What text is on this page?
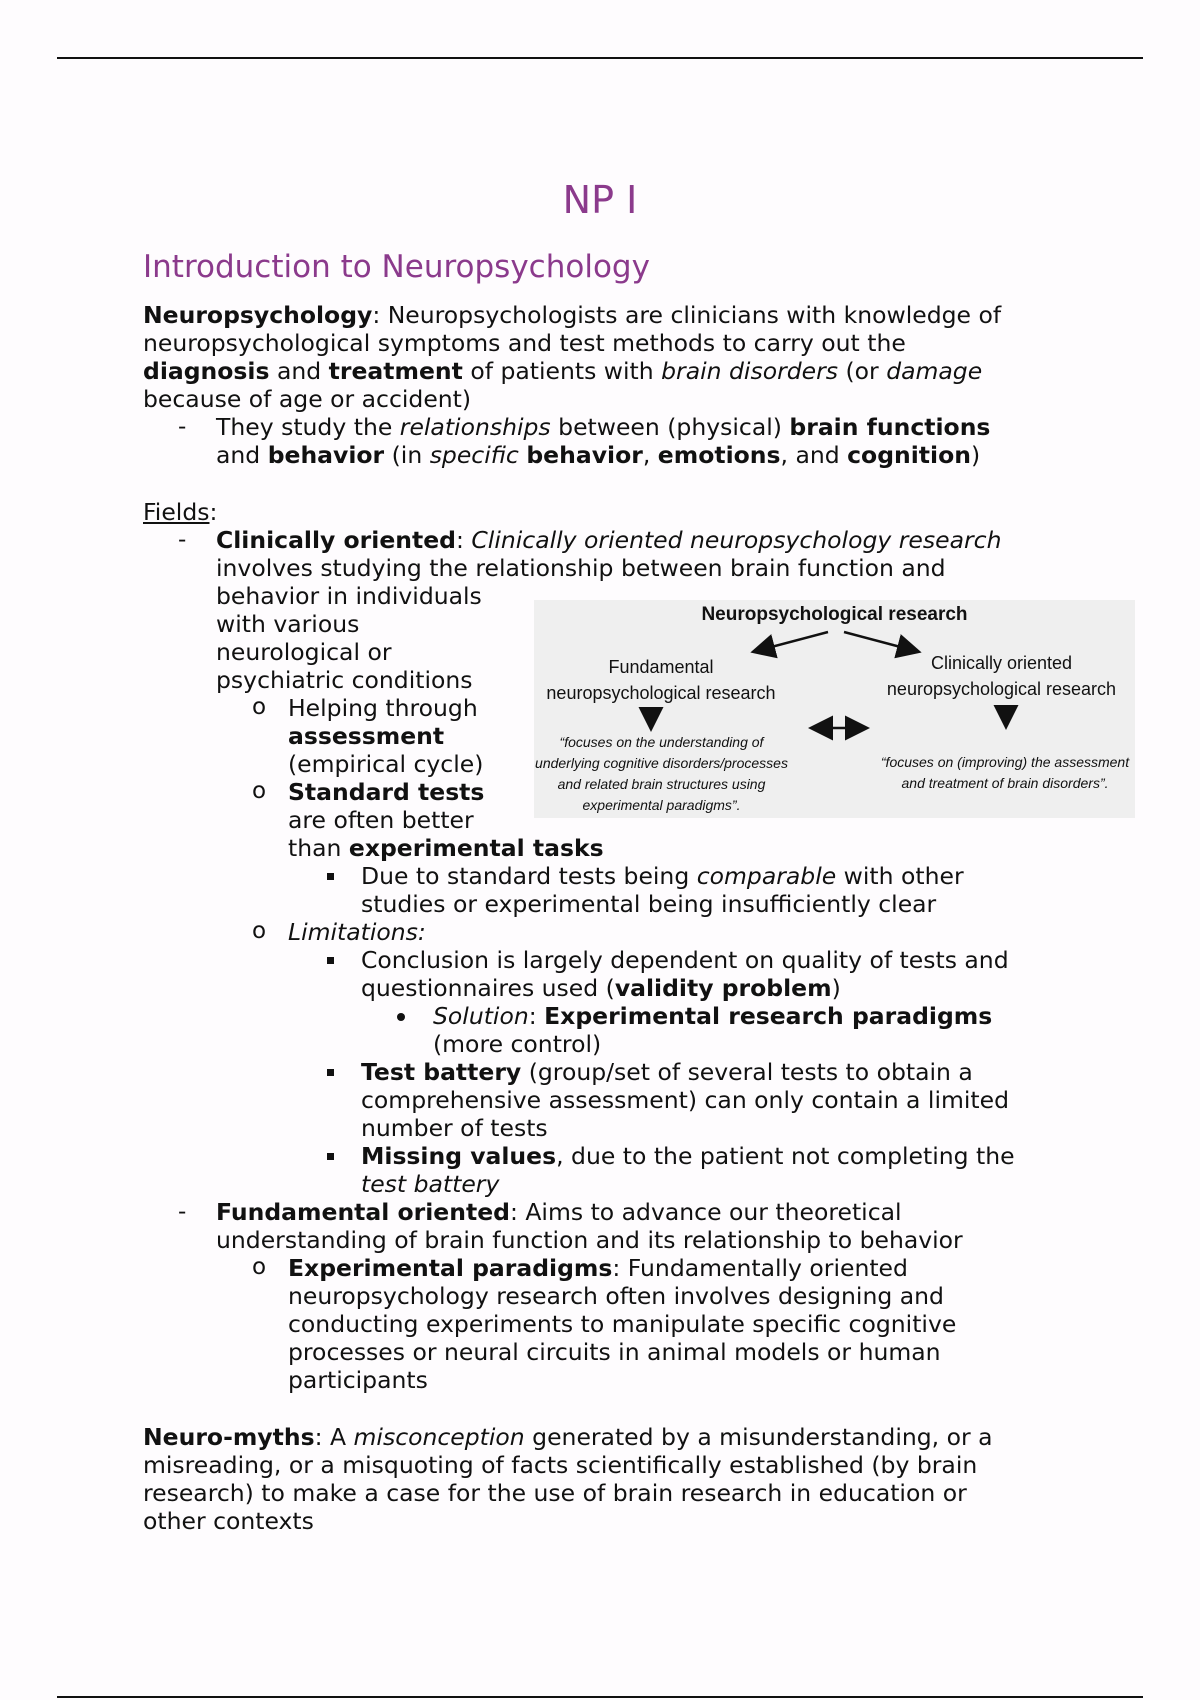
NP I
Introduction to Neuropsychology
Neuropsychology: Neuropsychologists are clinicians with knowledge of
neuropsychological symptoms and test methods to carry out the
diagnosis and treatment of patients with brain disorders (or damage
because of age or accident)
- They study the relationships between (physical) brain functions
and behavior (in specific behavior, emotions, and cognition)
Fields:
- Clinically oriented: Clinically oriented neuropsychology research
involves studying the relationship between brain function and
behavior in individuals
with various
neurological or
psychiatric conditions
o Helping through
assessment
(empirical cycle)
o Standard tests
are often better
than experimental tasks
Due to standard tests being comparable with other
studies or experimental being insufficiently clear
o Limitations:
Conclusion is largely dependent on quality of tests and
questionnaires used (validity problem)
Solution: Experimental research paradigms
(more control)
Test battery (group/set of several tests to obtain a
comprehensive assessment) can only contain a limited
number of tests
Missing values, due to the patient not completing the
test battery
- Fundamental oriented: Aims to advance our theoretical
understanding of brain function and its relationship to behavior
o Experimental paradigms: Fundamentally oriented
neuropsychology research often involves designing and
conducting experiments to manipulate specific cognitive
processes or neural circuits in animal models or human
participants
Neuro-myths: A misconception generated by a misunderstanding, or a
misreading, or a misquoting of facts scientifically established (by brain
research) to make a case for the use of brain research in education or
other contexts
Neuropsychological research
Fundamental
neuropsychological research
Clinically oriented
neuropsychological research
“focuses on the understanding of
underlying cognitive disorders/processes
and related brain structures using
experimental paradigms”.
“focuses on (improving) the assessment
and treatment of brain disorders”.
